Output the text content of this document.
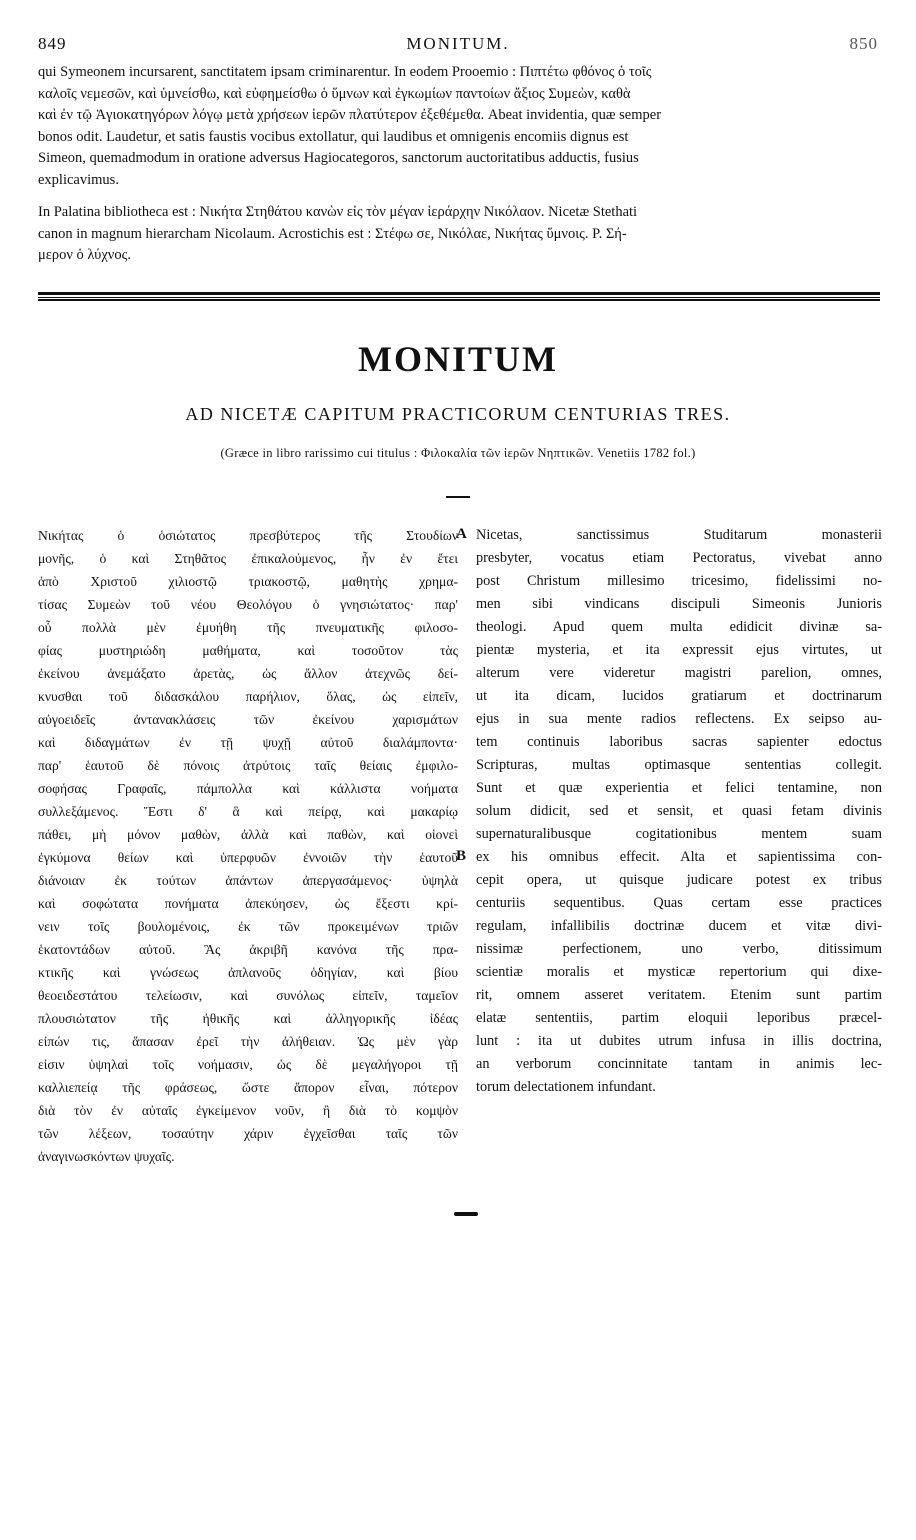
849	MONITUM.	850
qui Symeonem incursarent, sanctitatem ipsam criminarentur. In eodem Prooemio : Πιπτέτω φθόνος ὁ τοῖς
καλοῖς νεμεσῶν, καὶ ὑμνείσθω, καὶ εὐφημείσθω ὁ ὕμνων καὶ ἐγκωμίων παντοίων ἄξιος Συμεὼν, καθὰ
καὶ ἐν τῷ Ἁγιοκατηγόρων λόγῳ μετὰ χρήσεων ἱερῶν πλατύτερον ἐξεθέμεθα. Abeat invidentia, quæ semper
bonos odit. Laudetur, et satis faustis vocibus extollatur, qui laudibus et omnigenis encomiis dignus est
Simeon, quemadmodum in oratione adversus Hagiocategoros, sanctorum auctoritatibus adductis, fusius
explicavimus.
In Palatina bibliotheca est : Νικήτα Στηθάτου κανὼν εἰς τὸν μέγαν ἱεράρχην Νικόλαον. Nicetæ Stethati
canon in magnum hierarcham Nicolaum. Acrostichis est : Στέφω σε, Νικόλαε, Νικήτας ὕμνοις. Ρ. Σή-
μερον ὁ λύχνος.
MONITUM
AD NICETÆ CAPITUM PRACTICORUM CENTURIAS TRES.
(Græce in libro rarissimo cui titulus : Φιλοκαλία τῶν ἱερῶν Νηπτικῶν. Venetiis 1782 fol.)
Νικήτας ὁ ὁσιώτατος πρεσβύτερος τῆς Στουδίων
μονῆς, ὁ καὶ Στηθᾶτος ἐπικαλούμενος, ἦν ἐν ἔτει
ἀπὸ Χριστοῦ χιλιοστῷ τριακοστῷ, μαθητὴς χρημα-
τίσας Συμεὼν τοῦ νέου Θεολόγου ὁ γνησιώτατος· παρ'
οὗ πολλὰ μὲν ἐμυήθη τῆς πνευματικῆς φιλοσο-
φίας μυστηριώδη μαθήματα, καὶ τοσοῦτον τὰς
ἐκείνου ἀνεμάξατο ἀρετὰς, ὡς ἄλλον ἀτεχνῶς δεί-
κνυσθαι τοῦ διδασκάλου παρήλιον, ὅλας, ὡς εἰπεῖν,
αὐγοειδεῖς ἀντανακλάσεις τῶν ἐκείνου χαρισμάτων
καὶ διδαγμάτων ἐν τῇ ψυχῇ αὐτοῦ διαλάμποντα·
παρ' ἑαυτοῦ δὲ πόνοις ἀτρύτοις ταῖς θείαις ἐμφιλο-
σοφήσας Γραφαῖς, πάμπολλα καὶ κάλλιστα νοήματα
συλλεξάμενος. Ἔστι δ' ἃ καὶ πείρᾳ, καὶ μακαρίῳ
πάθει, μὴ μόνον μαθὼν, ἀλλὰ καὶ παθὼν, καὶ οἱονεὶ
ἐγκύμονα θείων καὶ ὑπερφυῶν ἐννοιῶν τὴν ἑαυτοῦ
διάνοιαν ἐκ τούτων ἁπάντων ἀπεργασάμενος· ὑψηλὰ
καὶ σοφώτατα πονήματα ἀπεκύησεν, ὡς ἔξεστι κρί-
νειν τοῖς βουλομένοις, ἐκ τῶν προκειμένων τριῶν
ἑκατοντάδων αὐτοῦ. Ἃς ἀκριβῆ κανόνα τῆς πρα-
κτικῆς καὶ γνώσεως ἀπλανοῦς ὁδηγίαν, καὶ βίου
θεοειδεστάτου τελείωσιν, καὶ συνόλως εἰπεῖν, ταμεῖον
πλουσιώτατον τῆς ἠθικῆς καὶ ἀλληγορικῆς ἰδέας
εἰπών τις, ἅπασαν ἐρεῖ τὴν ἀλήθειαν. Ὡς μὲν γὰρ
εἰσιν ὑψηλαὶ τοῖς νοήμασιν, ὡς δὲ μεγαλήγοροι τῇ
καλλιεπείᾳ τῆς φράσεως, ὥστε ἄπορον εἶναι, πότερον
διὰ τὸν ἐν αὐταῖς ἐγκείμενον νοῦν, ἢ διὰ τὸ κομψὸν
τῶν λέξεων, τοσαύτην χάριν ἐγχεῖσθαι ταῖς τῶν
ἀναγινωσκόντων ψυχαῖς.
Nicetas, sanctissimus Studitarum monasterii
presbyter, vocatus etiam Pectoratus, vivebat anno
post Christum millesimo tricesimo, fidelissimi no-
men sibi vindicans discipuli Simeonis Junioris
theologi. Apud quem multa edidicit divinæ sa-
pientæ mysteria, et ita expressit ejus virtutes, ut
alterum vere videretur magistri parelion, omnes,
ut ita dicam, lucidos gratiarum et doctrinarum
ejus in sua mente radios reflectens. Ex seipso au-
tem continuis laboribus sacras sapienter edoctus
Scripturas, multas optimasque sententias collegit.
Sunt et quæ experientia et felici tentamine, non
solum didicit, sed et sensit, et quasi fetam divinis
supernaturalibusque cogitationibus mentem suam
ex his omnibus effecit. Alta et sapientissima con-
cepit opera, ut quisque judicare potest ex tribus
centuriis sequentibus. Quas certam esse practices
regulam, infallibilis doctrinæ ducem et vitæ divi-
nissimæ perfectionem, uno verbo, ditissimum
scientiæ moralis et mysticæ repertorium qui dixe-
rit, omnem asseret veritatem. Etenim sunt partim
elatæ sententiis, partim eloquii leporibus præcel-
lunt : ita ut dubites utrum infusa in illis doctrina,
an verborum concinnitate tantam in animis lec-
torum delectationem infundant.
A
B
